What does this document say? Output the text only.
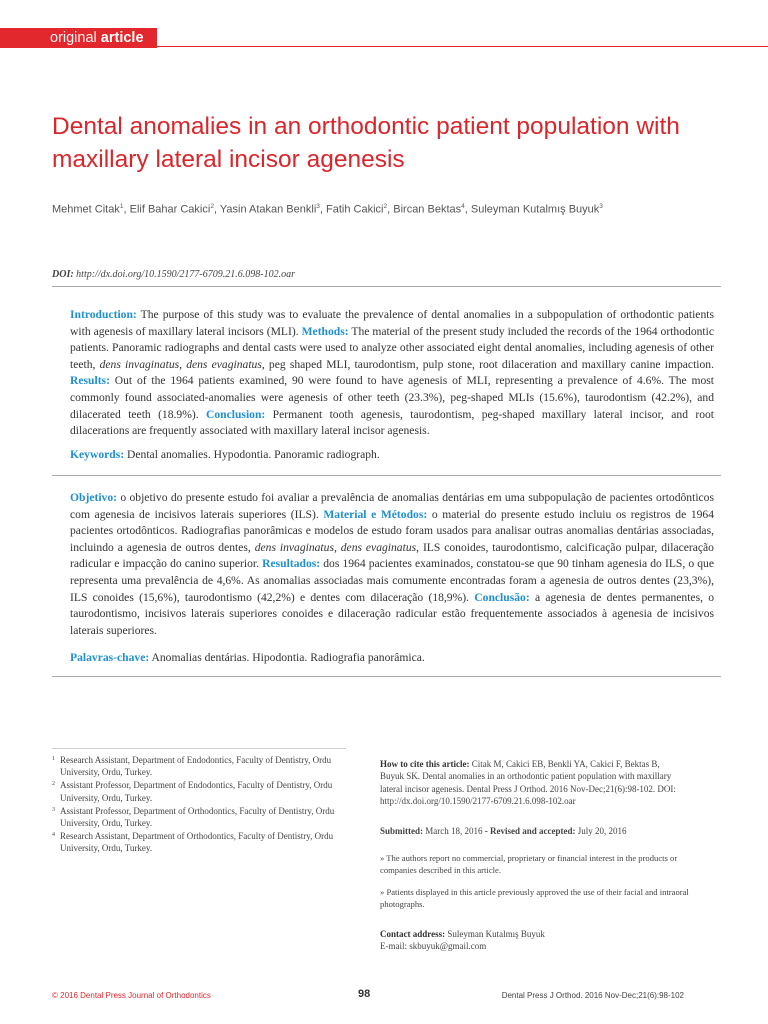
original article
Dental anomalies in an orthodontic patient population with maxillary lateral incisor agenesis
Mehmet Citak$^1$, Elif Bahar Cakici$^2$, Yasin Atakan Benkli$^3$, Fatih Cakici$^2$, Bircan Bektas$^4$, Suleyman Kutalmış Buyuk$^3$
DOI: http://dx.doi.org/10.1590/2177-6709.21.6.098-102.oar

Introduction: The purpose of this study was to evaluate the prevalence of dental anomalies in a subpopulation of orthodontic patients with agenesis of maxillary lateral incisors (MLI). Methods: The material of the present study included the records of the 1964 orthodontic patients. Panoramic radiographs and dental casts were used to analyze other associated eight dental anomalies, including agenesis of other teeth, dens invaginatus, dens evaginatus, peg shaped MLI, taurodontism, pulp stone, root dilaceration and maxillary canine impaction. Results: Out of the 1964 patients examined, 90 were found to have agenesis of MLI, representing a prevalence of 4.6%. The most commonly found associated-anomalies were agenesis of other teeth (23.3%), peg-shaped MLIs (15.6%), taurodontism (42.2%), and dilacerated teeth (18.9%). Conclusion: Permanent tooth agenesis, taurodontism, peg-shaped maxillary lateral incisor, and root dilacerations are frequently associated with maxillary lateral incisor agenesis.

Keywords: Dental anomalies. Hypodontia. Panoramic radiograph.

Objetivo: o objetivo do presente estudo foi avaliar a prevalência de anomalias dentárias em uma subpopulação de pacientes ortodônticos com agenesia de incisivos laterais superiores (ILS). Material e Métodos: o material do presente estudo incluiu os registros de 1964 pacientes ortodônticos. Radiografias panorâmicas e modelos de estudo foram usados para analisar outras anomalias dentárias associadas, incluindo a agenesia de outros dentes, dens invaginatus, dens evaginatus, ILS conoides, taurodontismo, calcificação pulpar, dilaceração radicular e impacção do canino superior. Resultados: dos 1964 pacientes examinados, constatou-se que 90 tinham agenesia do ILS, o que representa uma prevalência de 4,6%. As anomalias associadas mais comumente encontradas foram a agenesia de outros dentes (23,3%), ILS conoides (15,6%), taurodontismo (42,2%) e dentes com dilaceração (18,9%). Conclusão: a agenesia de dentes permanentes, o taurodontismo, incisivos laterais superiores conoides e dilaceração radicular estão frequentemente associados à agenesia de incisivos laterais superiores.

Palavras-chave: Anomalias dentárias. Hipodontia. Radiografia panorâmica.

1 Research Assistant, Department of Endodontics, Faculty of Dentistry, Ordu University, Ordu, Turkey.
2 Assistant Professor, Department of Endodontics, Faculty of Dentistry, Ordu University, Ordu, Turkey.
3 Assistant Professor, Department of Orthodontics, Faculty of Dentistry, Ordu University, Ordu, Turkey.
4 Research Assistant, Department of Orthodontics, Faculty of Dentistry, Ordu University, Ordu, Turkey.

How to cite this article: Citak M, Cakici EB, Benkli YA, Cakici F, Bektas B, Buyuk SK. Dental anomalies in an orthodontic patient population with maxillary lateral incisor agenesis. Dental Press J Orthod. 2016 Nov-Dec;21(6):98-102. DOI: http://dx.doi.org/10.1590/2177-6709.21.6.098-102.oar

Submitted: March 18, 2016 - Revised and accepted: July 20, 2016

» The authors report no commercial, proprietary or financial interest in the products or companies described in this article.

» Patients displayed in this article previously approved the use of their facial and intraoral photographs.

Contact address: Suleyman Kutalmış Buyuk
E-mail: skbuyuk@gmail.com

© 2016 Dental Press Journal of Orthodontics	98	Dental Press J Orthod. 2016 Nov-Dec;21(6):98-102
